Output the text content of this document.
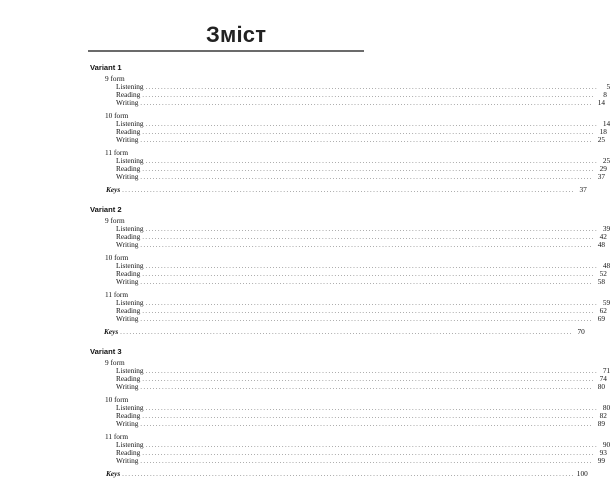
Зміст
Variant 1
9 form
Listening ..................................................................................................................................................	5
Reading ..................................................................................................................................................	8
Writing .................................................................................................................................................. 14
10 form
Listening .................................................................................................................................................. 14
Reading .................................................................................................................................................. 18
Writing .................................................................................................................................................. 25
11 form
Listening .................................................................................................................................................. 25
Reading .................................................................................................................................................. 29
Writing .................................................................................................................................................. 37
Keys .................................................................................................................................................. 37
Variant 2
9 form
Listening .................................................................................................................................................. 39
Reading .................................................................................................................................................. 42
Writing .................................................................................................................................................. 48
10 form
Listening .................................................................................................................................................. 48
Reading .................................................................................................................................................. 52
Writing .................................................................................................................................................. 58
11 form
Listening .................................................................................................................................................. 59
Reading .................................................................................................................................................. 62
Writing .................................................................................................................................................. 69
Keys .................................................................................................................................................. 70
Variant 3
9 form
Listening .................................................................................................................................................. 71
Reading .................................................................................................................................................. 74
Writing .................................................................................................................................................. 80
10 form
Listening .................................................................................................................................................. 80
Reading .................................................................................................................................................. 82
Writing .................................................................................................................................................. 89
11 form
Listening .................................................................................................................................................. 90
Reading .................................................................................................................................................. 93
Writing .................................................................................................................................................. 99
Keys .................................................................................................................................................. 100
